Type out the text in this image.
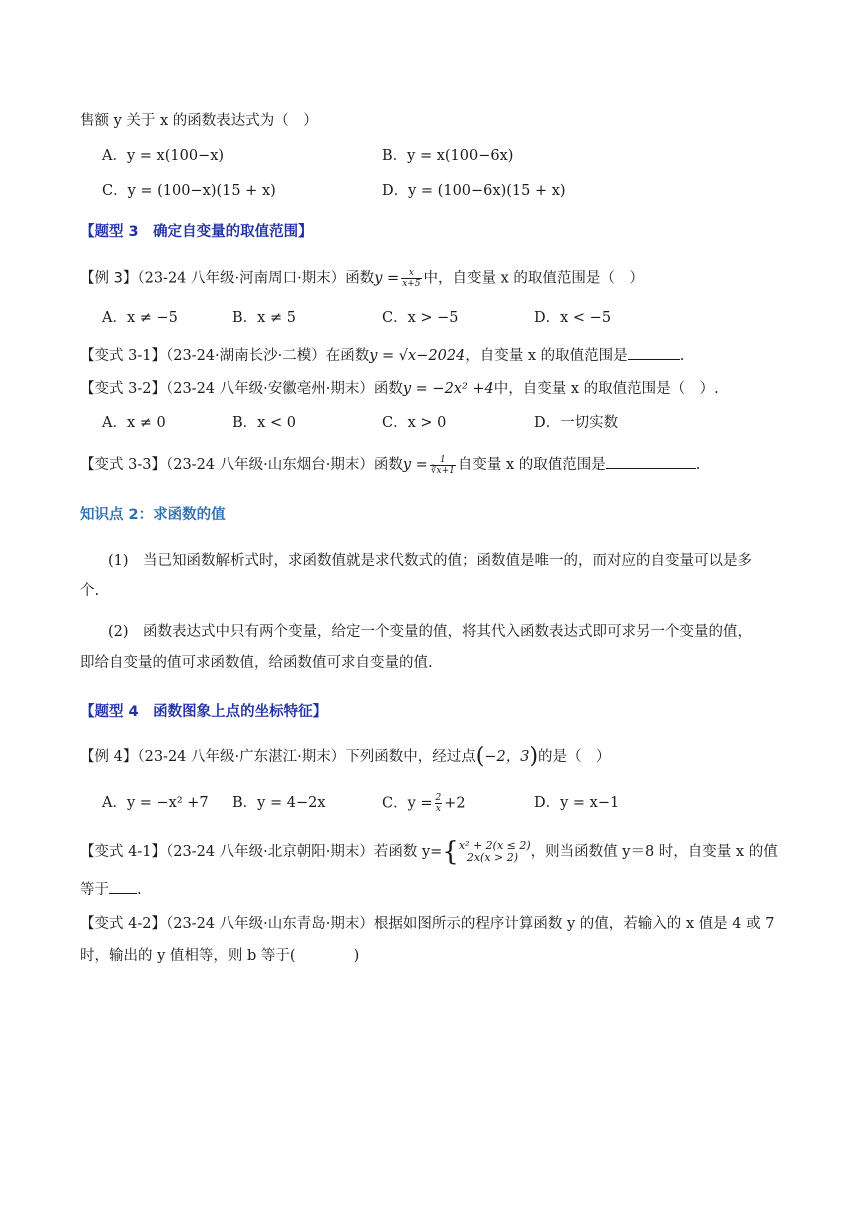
售额 y 关于 x 的函数表达式为（　）
A．y = x(100−x)	B．y = x(100−6x)
C．y = (100−x)(15 + x)	D．y = (100−6x)(15 + x)
【题型 3　确定自变量的取值范围】
【例 3】（23-24 八年级·河南周口·期末）函数$y = \frac{x}{x+5}$ 中，自变量 x 的取值范围是（　）
A．x ≠ −5	B．x ≠ 5	C．x > −5	D．x < −5
【变式 3-1】（23-24·湖南长沙·二模）在函数y = √x−2024，自变量 x 的取值范围是	.
【变式 3-2】（23-24 八年级·安徽亳州·期末）函数y = −2x² +4中，自变量 x 的取值范围是（　）.
A．x ≠ 0	B．x < 0	C．x > 0	D．一切实数
【变式 3-3】（23-24 八年级·山东烟台·期末）函数$y = \frac{1}{∛x+1}$ 自变量 x 的取值范围是	.
知识点 2：求函数的值
(1)　当已知函数解析式时，求函数值就是求代数式的值；函数值是唯一的，而对应的自变量可以是多
个.
(2)　函数表达式中只有两个变量，给定一个变量的值，将其代入函数表达式即可求另一个变量的值，
即给自变量的值可求函数值，给函数值可求自变量的值.
【题型 4　函数图象上点的坐标特征】
【例 4】（23-24 八年级·广东湛江·期末）下列函数中，经过点(−2，3)的是（　）
A．y = −x² +7 B．y = 4−2x	C．$y = \frac{2}{x} +2$	D．y = x−1
【变式 4-1】（23-24 八年级·北京朝阳·期末）若函数 y={ x² + 2(x ≤ 2)
2x(x > 2) ，则当函数值 y＝8 时，自变量 x 的值
等于 .
【变式 4-2】（23-24 八年级·山东青岛·期末）根据如图所示的程序计算函数 y 的值，若输入的 x 值是 4 或 7
时，输出的 y 值相等，则 b 等于(　　　　)
